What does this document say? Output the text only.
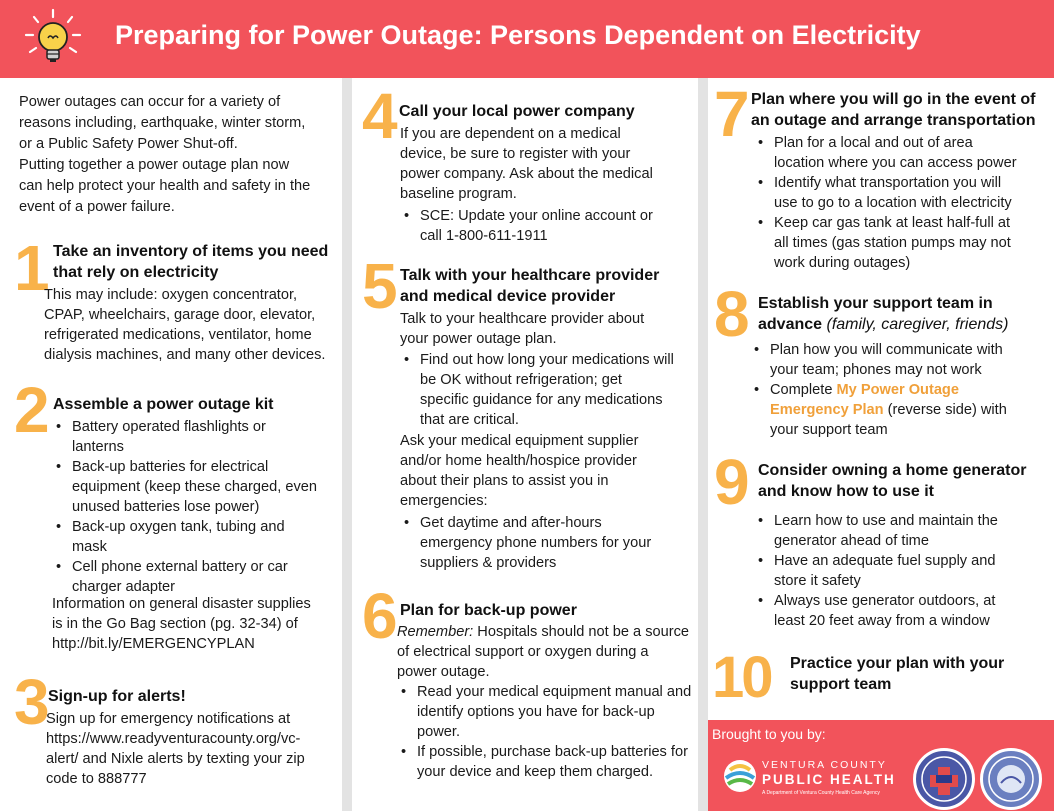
Preparing for Power Outage: Persons Dependent on Electricity
Power outages can occur for a variety of
reasons including, earthquake, winter storm,
or a Public Safety Power Shut-off.
Putting together a power outage plan now
can help protect your health and safety in the
event of a power failure.
1 Take an inventory of items you need
that rely on electricity
This may include: oxygen concentrator,
CPAP, wheelchairs, garage door, elevator,
refrigerated medications, ventilator, home
dialysis machines, and many other devices.
2 Assemble a power outage kit
• Battery operated flashlights or
lanterns
• Back-up batteries for electrical
equipment (keep these charged, even
unused batteries lose power)
• Back-up oxygen tank, tubing and
mask
• Cell phone external battery or car
charger adapter
Information on general disaster supplies
is in the Go Bag section (pg. 32-34) of
http://bit.ly/EMERGENCYPLAN
3 Sign-up for alerts!
Sign up for emergency notifications at
https://www.readyventuracounty.org/vc-
alert/ and Nixle alerts by texting your zip
code to 888777
4 Call your local power company
If you are dependent on a medical
device, be sure to register with your
power company. Ask about the medical
baseline program.
• SCE: Update your online account or
call 1-800-611-1911
5 Talk with your healthcare provider
and medical device provider
Talk to your healthcare provider about
your power outage plan.
• Find out how long your medications will
be OK without refrigeration; get
specific guidance for any medications
that are critical.
Ask your medical equipment supplier
and/or home health/hospice provider
about their plans to assist you in
emergencies:
• Get daytime and after-hours
emergency phone numbers for your
suppliers & providers
6 Plan for back-up power
Remember: Hospitals should not be a source
of electrical support or oxygen during a
power outage.
• Read your medical equipment manual and
identify options you have for back-up
power.
• If possible, purchase back-up batteries for
your device and keep them charged.
7 Plan where you will go in the event of
an outage and arrange transportation
• Plan for a local and out of area
location where you can access power
• Identify what transportation you will
use to go to a location with electricity
• Keep car gas tank at least half-full at
all times (gas station pumps may not
work during outages)
8 Establish your support team in
advance (family, caregiver, friends)
• Plan how you will communicate with
your team; phones may not work
• Complete My Power Outage
Emergency Plan (reverse side) with
your support team
9 Consider owning a home generator
and know how to use it
• Learn how to use and maintain the
generator ahead of time
• Have an adequate fuel supply and
store it safety
• Always use generator outdoors, at
least 20 feet away from a window
10 Practice your plan with your
support team
Brought to you by:
VENTURA COUNTY
PUBLIC HEALTH
A Department of Ventura County Health Care Agency
